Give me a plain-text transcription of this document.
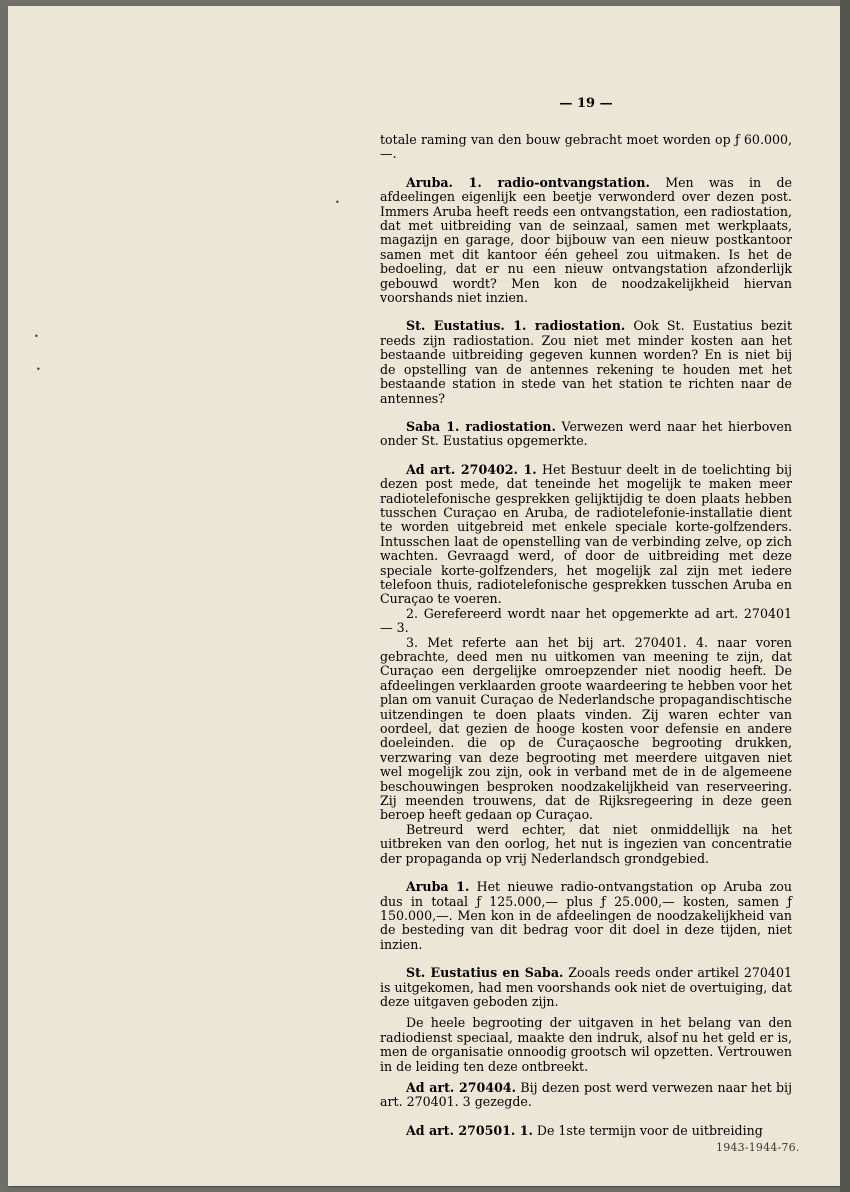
•
•
•
— 19 —

totale raming van den bouw gebracht moet worden op ƒ 60.000,—.

Aruba. 1. radio-ontvangstation. Men was in de afdeelingen eigenlijk een beetje verwonderd over dezen post. Immers Aruba heeft reeds een ontvangstation, een radiostation, dat met uitbreiding van de seinzaal, samen met werkplaats, magazijn en garage, door bijbouw van een nieuw postkantoor samen met dit kantoor één geheel zou uitmaken. Is het de bedoeling, dat er nu een nieuw ontvangstation afzonderlijk gebouwd wordt? Men kon de noodzakelijkheid hiervan voorshands niet inzien.

St. Eustatius. 1. radiostation. Ook St. Eustatius bezit reeds zijn radiostation. Zou niet met minder kosten aan het bestaande uitbreiding gegeven kunnen worden? En is niet bij de opstelling van de antennes rekening te houden met het bestaande station in stede van het station te richten naar de antennes?

Saba 1. radiostation. Verwezen werd naar het hierboven onder St. Eustatius opgemerkte.

Ad art. 270402. 1. Het Bestuur deelt in de toelichting bij dezen post mede, dat teneinde het mogelijk te maken meer radiotelefonische gesprekken gelijktijdig te doen plaats hebben tusschen Curaçao en Aruba, de radiotelefonie-installatie dient te worden uitgebreid met enkele speciale korte-golfzenders. Intusschen laat de openstelling van de verbinding zelve, op zich wachten. Gevraagd werd, of door de uitbreiding met deze speciale korte-golfzenders, het mogelijk zal zijn met iedere telefoon thuis, radiotelefonische gesprekken tusschen Aruba en Curaçao te voeren.

2. Gerefereerd wordt naar het opgemerkte ad art. 270401 — 3.

3. Met referte aan het bij art. 270401. 4. naar voren gebrachte, deed men nu uitkomen van meening te zijn, dat Curaçao een dergelijke omroepzender niet noodig heeft. De afdeelingen verklaarden groote waardeering te hebben voor het plan om vanuit Curaçao de Nederlandsche propagandischtische uitzendingen te doen plaats vinden. Zij waren echter van oordeel, dat gezien de hooge kosten voor defensie en andere doeleinden. die op de Curaçaosche begrooting drukken, verzwaring van deze begrooting met meerdere uitgaven niet wel mogelijk zou zijn, ook in verband met de in de algemeene beschouwingen besproken noodzakelijkheid van reserveering. Zij meenden trouwens, dat de Rijksregeering in deze geen beroep heeft gedaan op Curaçao.

Betreurd werd echter, dat niet onmiddellijk na het uitbreken van den oorlog, het nut is ingezien van concentratie der propaganda op vrij Nederlandsch grondgebied.

Aruba 1. Het nieuwe radio-ontvangstation op Aruba zou dus in totaal ƒ 125.000,— plus ƒ 25.000,— kosten, samen ƒ 150.000,—. Men kon in de afdeelingen de noodzakelijkheid van de besteding van dit bedrag voor dit doel in deze tijden, niet inzien.

St. Eustatius en Saba. Zooals reeds onder artikel 270401 is uitgekomen, had men voorshands ook niet de overtuiging, dat deze uitgaven geboden zijn.

De heele begrooting der uitgaven in het belang van den radiodienst speciaal, maakte den indruk, alsof nu het geld er is, men de organisatie onnoodig grootsch wil opzetten. Vertrouwen in de leiding ten deze ontbreekt.

Ad art. 270404. Bij dezen post werd verwezen naar het bij art. 270401. 3 gezegde.

Ad art. 270501. 1. De 1ste termijn voor de uitbreiding

1943-1944-76.
